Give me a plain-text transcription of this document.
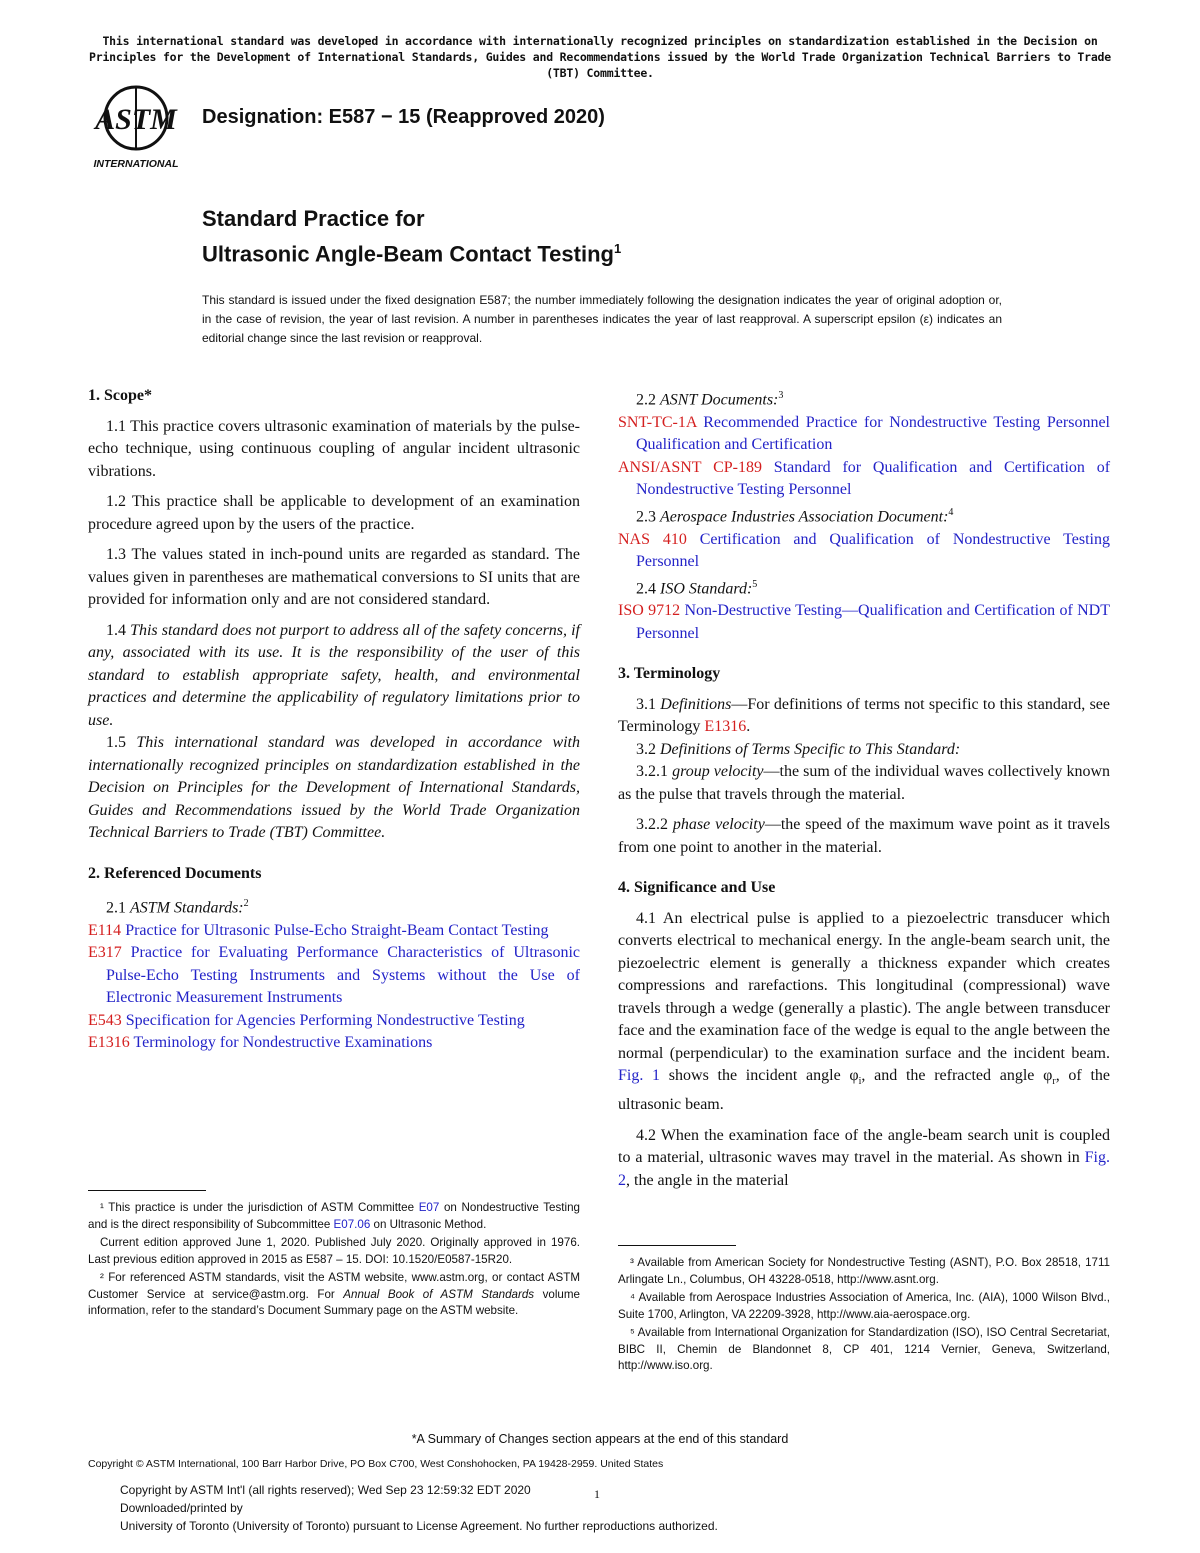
This international standard was developed in accordance with internationally recognized principles on standardization established in the Decision on Principles for the Development of International Standards, Guides and Recommendations issued by the World Trade Organization Technical Barriers to Trade (TBT) Committee.
ASTM
INTERNATIONAL
Designation: E587 − 15 (Reapproved 2020)
Standard Practice for
Ultrasonic Angle-Beam Contact Testing$^1$
This standard is issued under the fixed designation E587; the number immediately following the designation indicates the year of original adoption or, in the case of revision, the year of last revision. A number in parentheses indicates the year of last reapproval. A superscript epsilon (ε) indicates an editorial change since the last revision or reapproval.
1. Scope*

1.1 This practice covers ultrasonic examination of materials by the pulse-echo technique, using continuous coupling of angular incident ultrasonic vibrations.

1.2 This practice shall be applicable to development of an examination procedure agreed upon by the users of the practice.

1.3 The values stated in inch-pound units are regarded as standard. The values given in parentheses are mathematical conversions to SI units that are provided for information only and are not considered standard.

1.4 This standard does not purport to address all of the safety concerns, if any, associated with its use. It is the responsibility of the user of this standard to establish appropriate safety, health, and environmental practices and determine the applicability of regulatory limitations prior to use.

1.5 This international standard was developed in accordance with internationally recognized principles on standardization established in the Decision on Principles for the Development of International Standards, Guides and Recommendations issued by the World Trade Organization Technical Barriers to Trade (TBT) Committee.

2. Referenced Documents

2.1 ASTM Standards:$^2$

E114 Practice for Ultrasonic Pulse-Echo Straight-Beam Contact Testing

E317 Practice for Evaluating Performance Characteristics of Ultrasonic Pulse-Echo Testing Instruments and Systems without the Use of Electronic Measurement Instruments

E543 Specification for Agencies Performing Nondestructive Testing

E1316 Terminology for Nondestructive Examinations

¹ This practice is under the jurisdiction of ASTM Committee E07 on Nondestructive Testing and is the direct responsibility of Subcommittee E07.06 on Ultrasonic Method.

Current edition approved June 1, 2020. Published July 2020. Originally approved in 1976. Last previous edition approved in 2015 as E587 – 15. DOI: 10.1520/E0587-15R20.

² For referenced ASTM standards, visit the ASTM website, www.astm.org, or contact ASTM Customer Service at service@astm.org. For Annual Book of ASTM Standards volume information, refer to the standard’s Document Summary page on the ASTM website.

2.2 ASNT Documents:$^3$

SNT-TC-1A Recommended Practice for Nondestructive Testing Personnel Qualification and Certification

ANSI/ASNT CP-189 Standard for Qualification and Certification of Nondestructive Testing Personnel

2.3 Aerospace Industries Association Document:$^4$

NAS 410 Certification and Qualification of Nondestructive Testing Personnel

2.4 ISO Standard:$^5$

ISO 9712 Non-Destructive Testing—Qualification and Certification of NDT Personnel

3. Terminology

3.1 Definitions—For definitions of terms not specific to this standard, see Terminology E1316.

3.2 Definitions of Terms Specific to This Standard:

3.2.1 group velocity—the sum of the individual waves collectively known as the pulse that travels through the material.

3.2.2 phase velocity—the speed of the maximum wave point as it travels from one point to another in the material.

4. Significance and Use

4.1 An electrical pulse is applied to a piezoelectric transducer which converts electrical to mechanical energy. In the angle-beam search unit, the piezoelectric element is generally a thickness expander which creates compressions and rarefactions. This longitudinal (compressional) wave travels through a wedge (generally a plastic). The angle between transducer face and the examination face of the wedge is equal to the angle between the normal (perpendicular) to the examination surface and the incident beam. Fig. 1 shows the incident angle $\varphi_i$, and the refracted angle $\varphi_r$, of the ultrasonic beam.

4.2 When the examination face of the angle-beam search unit is coupled to a material, ultrasonic waves may travel in the material. As shown in Fig. 2, the angle in the material

³ Available from American Society for Nondestructive Testing (ASNT), P.O. Box 28518, 1711 Arlingate Ln., Columbus, OH 43228-0518, http://www.asnt.org.

⁴ Available from Aerospace Industries Association of America, Inc. (AIA), 1000 Wilson Blvd., Suite 1700, Arlington, VA 22209-3928, http://www.aia-aerospace.org.

⁵ Available from International Organization for Standardization (ISO), ISO Central Secretariat, BIBC II, Chemin de Blandonnet 8, CP 401, 1214 Vernier, Geneva, Switzerland, http://www.iso.org.

*A Summary of Changes section appears at the end of this standard
Copyright © ASTM International, 100 Barr Harbor Drive, PO Box C700, West Conshohocken, PA 19428-2959. United States
Copyright by ASTM Int'l (all rights reserved); Wed Sep 23 12:59:32 EDT 2020
Downloaded/printed by
University of Toronto (University of Toronto) pursuant to License Agreement. No further reproductions authorized.
1
